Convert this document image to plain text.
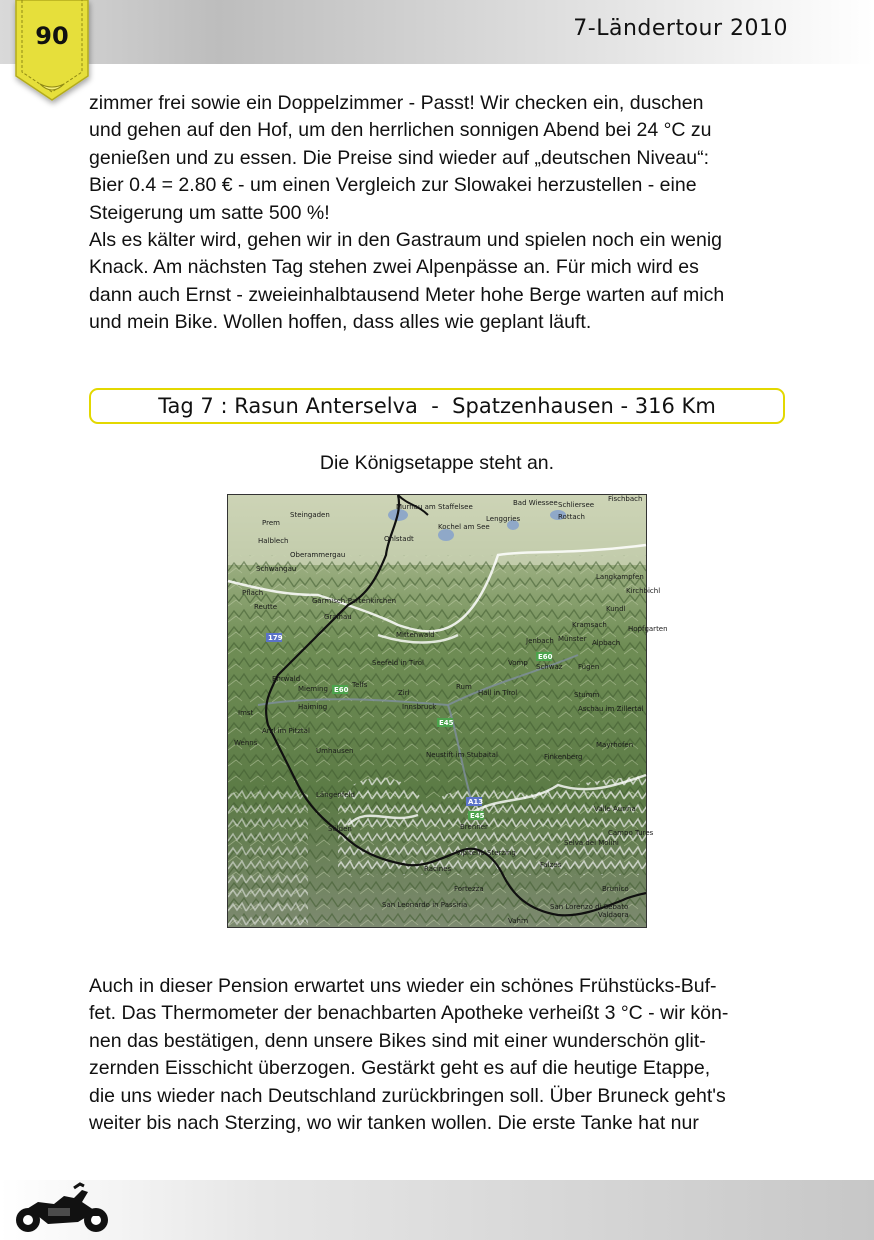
7-Ländertour 2010
90

zimmer frei sowie ein Doppelzimmer - Passt! Wir checken ein, duschen

und gehen auf den Hof, um den herrlichen sonnigen Abend bei 24 °C zu

genießen und zu essen. Die Preise sind wieder auf „deutschen Niveau“:

Bier 0.4 = 2.80 € - um einen Vergleich zur Slowakei herzustellen - eine

Steigerung um satte 500 %!

Als es kälter wird, gehen wir in den Gastraum und spielen noch ein wenig

Knack. Am nächsten Tag stehen zwei Alpenpässe an. Für mich wird es

dann auch Ernst - zweieinhalbtausend Meter hohe Berge warten auf mich

und mein Bike. Wollen hoffen, dass alles wie geplant läuft.

Tag 7 : Rasun Anterselva  -  Spatzenhausen - 316 Km
Die Königsetappe steht an.
Bad Wiessee Schliersee
Fischbach
Steingaden
Murnau am Staffelsee
Kochel am See
Lenggries	Rottach
Prem
Halblech
Oberammergau
Ohlstadt
Schwangau
Garmisch-Partenkirchen
Grainau
Mittenwald
Reutte
Pflach
Langkampfen
Kirchbichl
Kundl
Kramsach
Jenbach Münster Alpbach
Hopfgarten
Seefeld in Tirol	Vomp Schwaz Fügen
Telfs
Zirl
Rum
Hall in Tirol
Ehrwald
Mieming
Haiming	Innsbruck
Stumm
Aschau im Zillertal
Imst
Arzl im Pitztal
Wenns
Umhausen	Neustift im Stubaital	Finkenberg
Mayrhofen
Längenfeld
Sölden	Brenner
Valle Aurina
Campo Tures
Racines
Vipiteno Sterzing
Selva dei Molini
Falzes
Brunico
Fortezza
San Leonardo in Passiria	San Lorenzo di Sebato
Valdaora
Vahrn
E45
E60
E60
A13
E45
179

Auch in dieser Pension erwartet uns wieder ein schönes Frühstücks-Buf-

fet. Das Thermometer der benachbarten Apotheke verheißt 3 °C - wir kön-

nen das bestätigen, denn unsere Bikes sind mit einer wunderschön glit-

zernden Eisschicht überzogen. Gestärkt geht es auf die heutige Etappe,

die uns wieder nach Deutschland zurückbringen soll. Über Bruneck geht's

weiter bis nach Sterzing, wo wir tanken wollen. Die erste Tanke hat nur
